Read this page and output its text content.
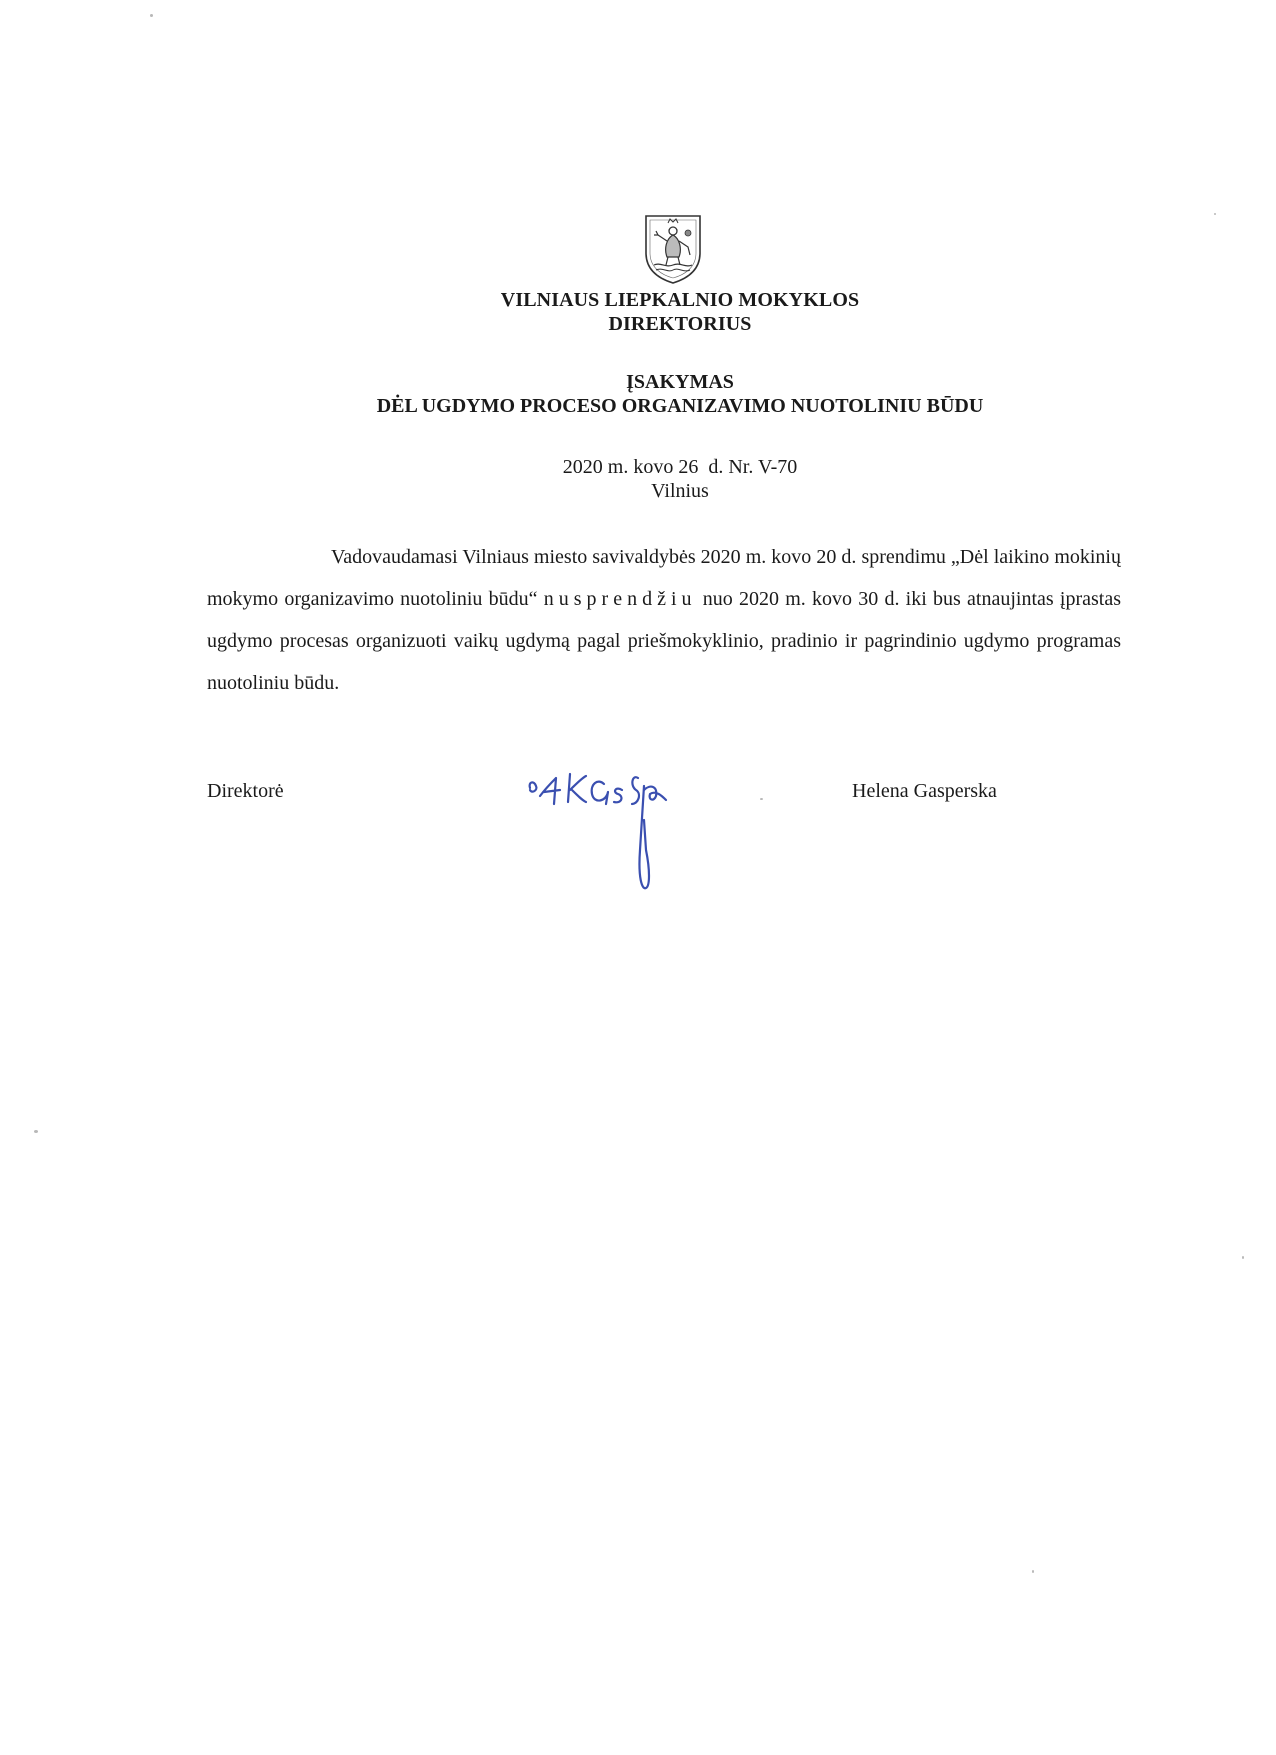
VILNIAUS LIEPKALNIO MOKYKLOS
DIREKTORIUS
ĮSAKYMAS
DĖL UGDYMO PROCESO ORGANIZAVIMO NUOTOLINIU BŪDU
2020 m. kovo 26  d. Nr. V-70
Vilnius
Vadovaudamasi Vilniaus miesto savivaldybės 2020 m. kovo 20 d. sprendimu „Dėl laikino mokinių mokymo organizavimo nuotoliniu būdu“ nusprendžiu nuo 2020 m. kovo 30 d. iki bus atnaujintas įprastas ugdymo procesas organizuoti vaikų ugdymą pagal priešmokyklinio, pradinio ir pagrindinio ugdymo programas nuotoliniu būdu.
Direktorė	Helena Gasperska
